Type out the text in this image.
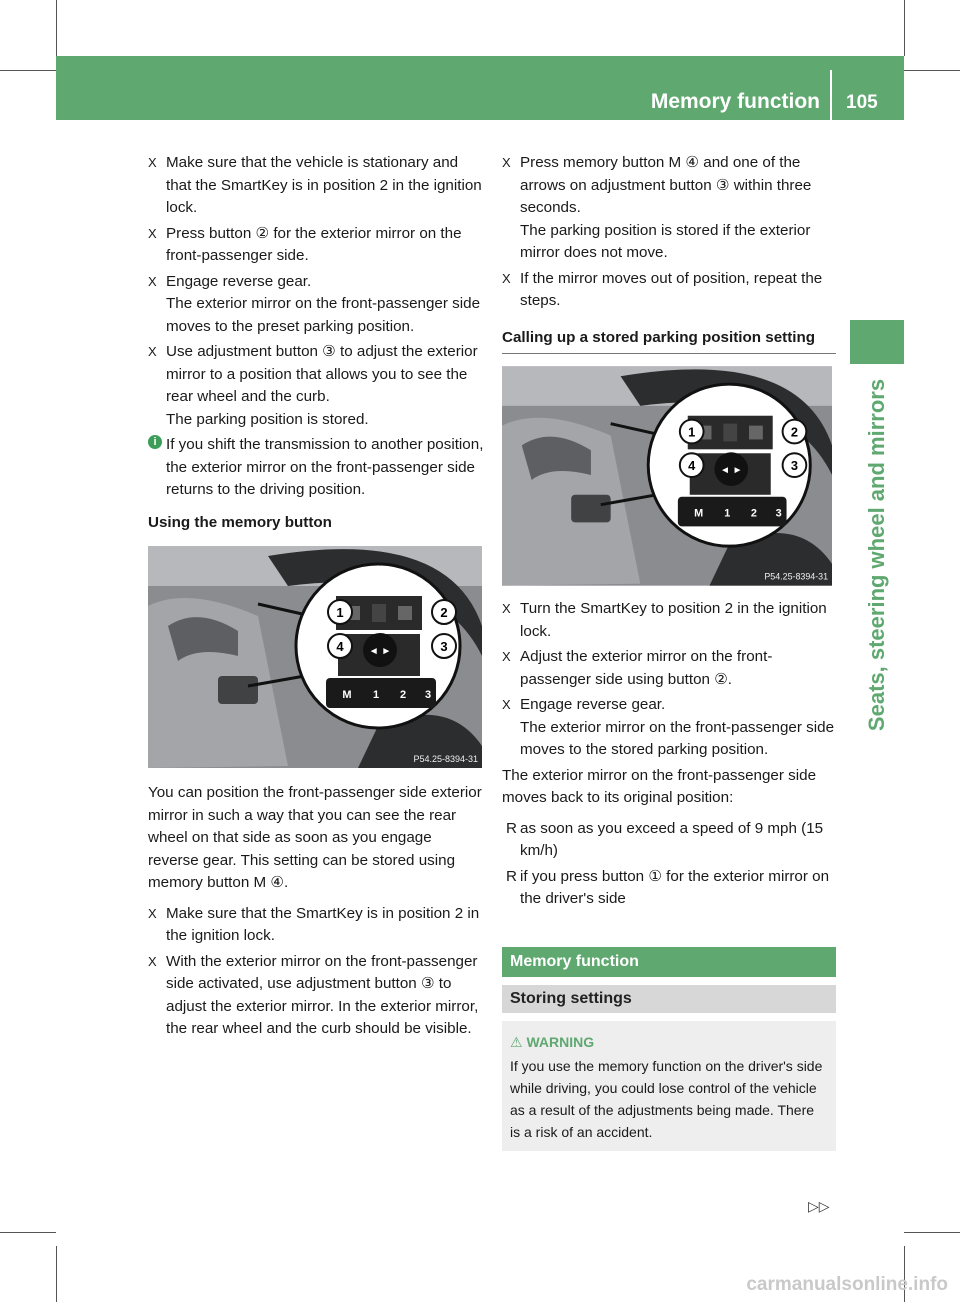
Memory function 105
Seats, steering wheel and mirrors
X Make sure that the vehicle is stationary and that the SmartKey is in position 2 in the ignition lock.
X Press button ② for the exterior mirror on the front-passenger side.
X Engage reverse gear.
The exterior mirror on the front-passenger side moves to the preset parking position.
X Use adjustment button ③ to adjust the exterior mirror to a position that allows you to see the rear wheel and the curb.
The parking position is stored.
i If you shift the transmission to another position, the exterior mirror on the front-passenger side returns to the driving position.
Using the memory button
◄ ►
M 1 2 3
1	2
3
4
P54.25-8394-31
You can position the front-passenger side exterior mirror in such a way that you can see the rear wheel on that side as soon as you engage reverse gear. This setting can be stored using memory button M ④.
X Make sure that the SmartKey is in position 2 in the ignition lock.
X With the exterior mirror on the front-passenger side activated, use adjustment button ③ to adjust the exterior mirror. In the exterior mirror, the rear wheel and the curb should be visible.
X Press memory button M ④ and one of the arrows on adjustment button ③ within three seconds.
The parking position is stored if the exterior mirror does not move.
X If the mirror moves out of position, repeat the steps.
Calling up a stored parking position setting
◄ ►
M 1 2 3
1	2
3
4
P54.25-8394-31
X Turn the SmartKey to position 2 in the ignition lock.
X Adjust the exterior mirror on the front-passenger side using button ②.
X Engage reverse gear.
The exterior mirror on the front-passenger side moves to the stored parking position.
The exterior mirror on the front-passenger side moves back to its original position:
R as soon as you exceed a speed of 9 mph (15 km/h)
R if you press button ① for the exterior mirror on the driver's side
Memory function
Storing settings
⚠ WARNING
If you use the memory function on the driver's side while driving, you could lose control of the vehicle as a result of the adjustments being made. There is a risk of an accident.
▷▷
carmanualsonline.info
